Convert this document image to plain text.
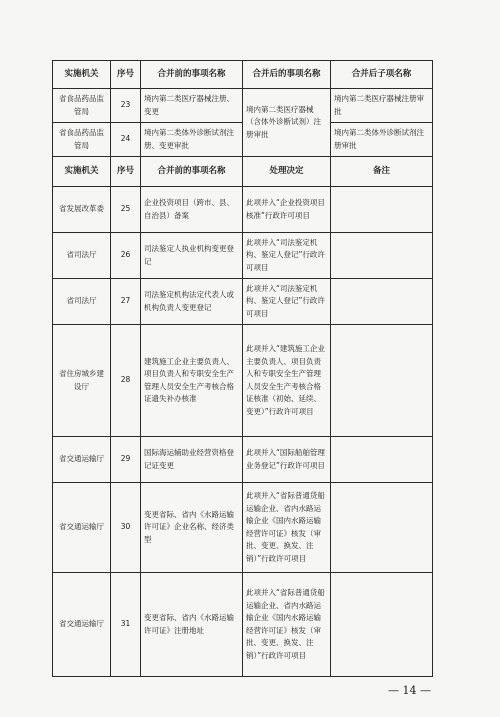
实施机关	序号	合并前的事项名称	合并后的事项名称	合并后子项名称
省食品药品监管局	23	境内第二类医疗器械注册、变更	境内第二类医疗器械（含体外诊断试剂）注册审批	境内第二类医疗器械注册审批
省食品药品监管局	24	境内第二类体外诊断试剂注册、变更审批		境内第二类体外诊断试剂注册审批
实施机关	序号	合并前的事项名称	处理决定	备注
省发展改革委	25	企业投资项目（跨市、县、自治县）备案	此项并入“企业投资项目核准”行政许可项目	
省司法厅	26	司法鉴定人执业机构变更登记	此项并入“司法鉴定机构、鉴定人登记”行政许可项目	
省司法厅	27	司法鉴定机构法定代表人或机构负责人变更登记	此项并入“司法鉴定机构、鉴定人登记”行政许可项目	
省住房城乡建设厅	28	建筑施工企业主要负责人、项目负责人和专职安全生产管理人员安全生产考核合格证遗失补办核准	此项并入“建筑施工企业主要负责人、项目负责人和专职安全生产管理人员安全生产考核合格证核准（初始、延续、变更）”行政许可项目	
省交通运输厅	29	国际海运辅助业经营资格登记证变更	此项并入“国际船舶管理业务登记”行政许可项目	
省交通运输厅	30	变更省际、省内《水路运输许可证》企业名称、经济类型	此项并入“省际普通货船运输企业、省内水路运输企业《国内水路运输经营许可证》核发（审批、变更、换发、注销）”行政许可项目	
省交通运输厅	31	变更省际、省内《水路运输许可证》注册地址	此项并入“省际普通货船运输企业、省内水路运输企业《国内水路运输经营许可证》核发（审批、变更、换发、注销）”行政许可项目	
— 14 —
